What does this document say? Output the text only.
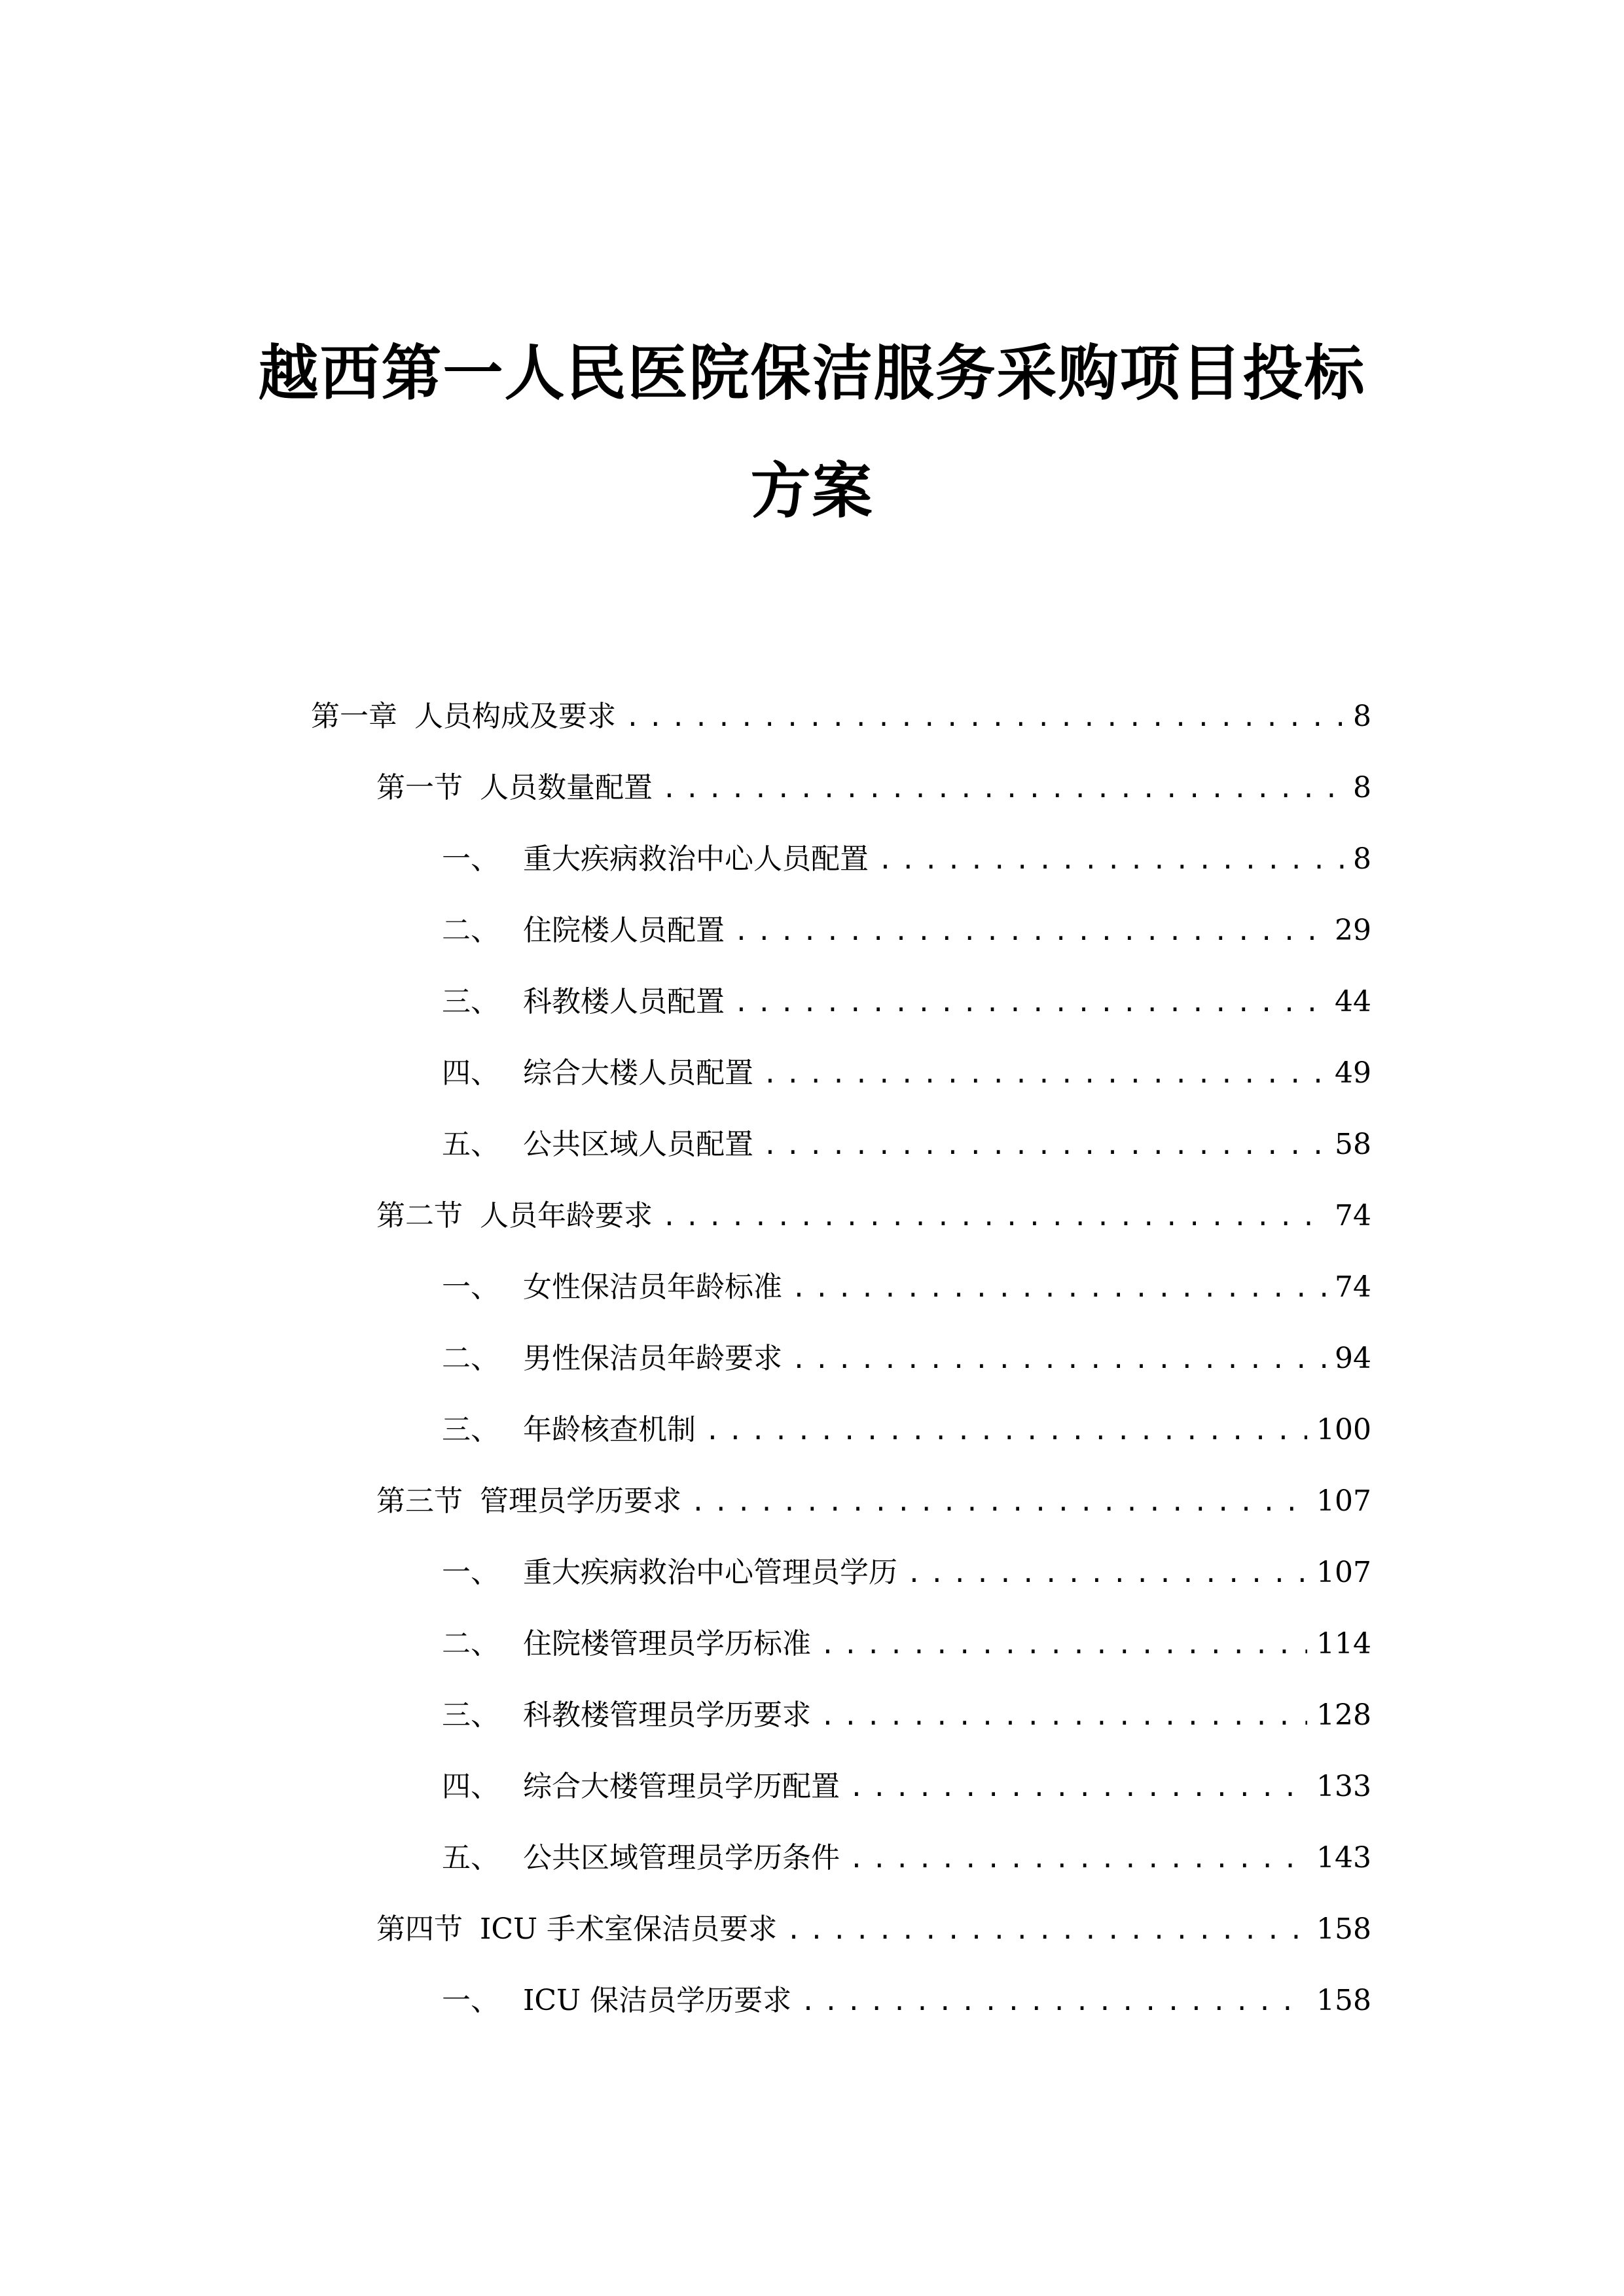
越西第一人民医院保洁服务采购项目投标
方案
第一章 人员构成及要求 .....	8
第一节 人员数量配置 .....	8
一、 重大疾病救治中心人员配置 .....	8
二、 住院楼人员配置 .....	29
三、 科教楼人员配置 .....	44
四、 综合大楼人员配置 .....	49
五、 公共区域人员配置 .....	58
第二节 人员年龄要求 .....	74
一、 女性保洁员年龄标准 .....	74
二、 男性保洁员年龄要求 .....	94
三、 年龄核查机制 .....	100
第三节 管理员学历要求 .....	107
一、 重大疾病救治中心管理员学历 .....	107
二、 住院楼管理员学历标准 .....	114
三、 科教楼管理员学历要求 .....	128
四、 综合大楼管理员学历配置 .....	133
五、 公共区域管理员学历条件 .....	143
第四节 ICU 手术室保洁员要求 .....	158
一、 ICU 保洁员学历要求 .....	158
